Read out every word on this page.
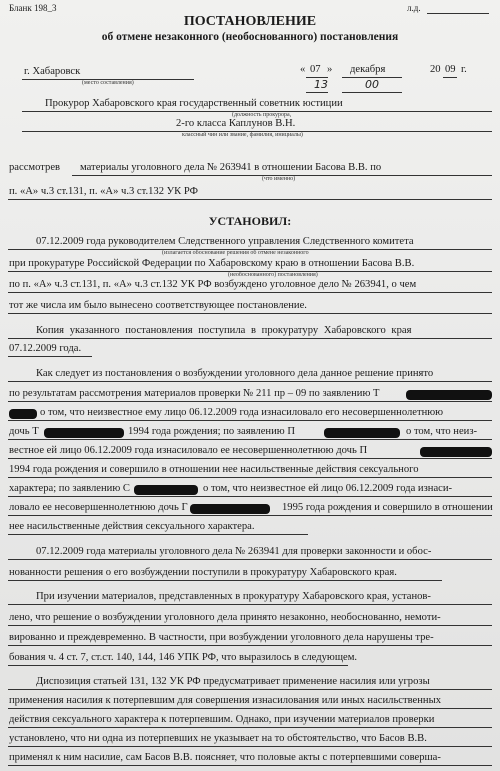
Бланк 198_3	л.д.
ПОСТАНОВЛЕНИЕ
об отмене незаконного (необоснованного) постановления
г. Хабаровск
(место составления)
« 07 » декабря	20 09 г.
13	00
Прокурор Хабаровского края государственный советник юстиции
(должность прокурора,
2-го класса Каплунов В.Н.
классный чин или звание, фамилия, инициалы)
рассмотрев материалы уголовного дела № 263941 в отношении Басова В.В. по
(что именно)
п. «А» ч.3 ст.131, п. «А» ч.3 ст.132 УК РФ
УСТАНОВИЛ:
07.12.2009 года руководителем Следственного управления Следственного комитета
(излагается обоснование решения об отмене незаконного
при прокуратуре Российской Федерации по Хабаровскому краю в отношении Басова В.В.
(необоснованного) постановления)
по п. «А» ч.3 ст.131, п. «А» ч.3 ст.132 УК РФ возбуждено уголовное дело № 263941, о чем
тот же числа им было вынесено соответствующее постановление.
Копия указанного постановления поступила в прокуратуру Хабаровского края
07.12.2009 года.
Как следует из постановления о возбуждении уголовного дела данное решение принято
по результатам рассмотрения материалов проверки № 211 пр – 09 по заявлению Т
о том, что неизвестное ему лицо 06.12.2009 года изнасиловало его несовершеннолетнюю
дочь Т	1994 года рождения; по заявлению П	о том, что неиз-
вестное ей лицо 06.12.2009 года изнасиловало ее несовершеннолетнюю дочь П
1994 года рождения и совершило в отношении нее насильственные действия сексуального
характера; по заявлению С	о том, что неизвестное ей лицо 06.12.2009 года изнаси-
ловало ее несовершеннолетнюю дочь Г	1995 года рождения и совершило в отношении
нее насильственные действия сексуального характера.
07.12.2009 года материалы уголовного дела № 263941 для проверки законности и обос-
нованности решения о его возбуждении поступили в прокуратуру Хабаровского края.
При изучении материалов, представленных в прокуратуру Хабаровского края, установ-
лено, что решение о возбуждении уголовного дела принято незаконно, необоснованно, немоти-
вированно и преждевременно. В частности, при возбуждении уголовного дела нарушены тре-
бования ч. 4 ст. 7, ст.ст. 140, 144, 146 УПК РФ, что выразилось в следующем.
Диспозиция статьей 131, 132 УК РФ предусматривает применение насилия или угрозы
применения насилия к потерпевшим для совершения изнасилования или иных насильственных
действия сексуального характера к потерпевшим. Однако, при изучении материалов проверки
установлено, что ни одна из потерпевших не указывает на то обстоятельство, что Басов В.В.
применял к ним насилие, сам Басов В.В. поясняет, что половые акты с потерпевшими соверша-
